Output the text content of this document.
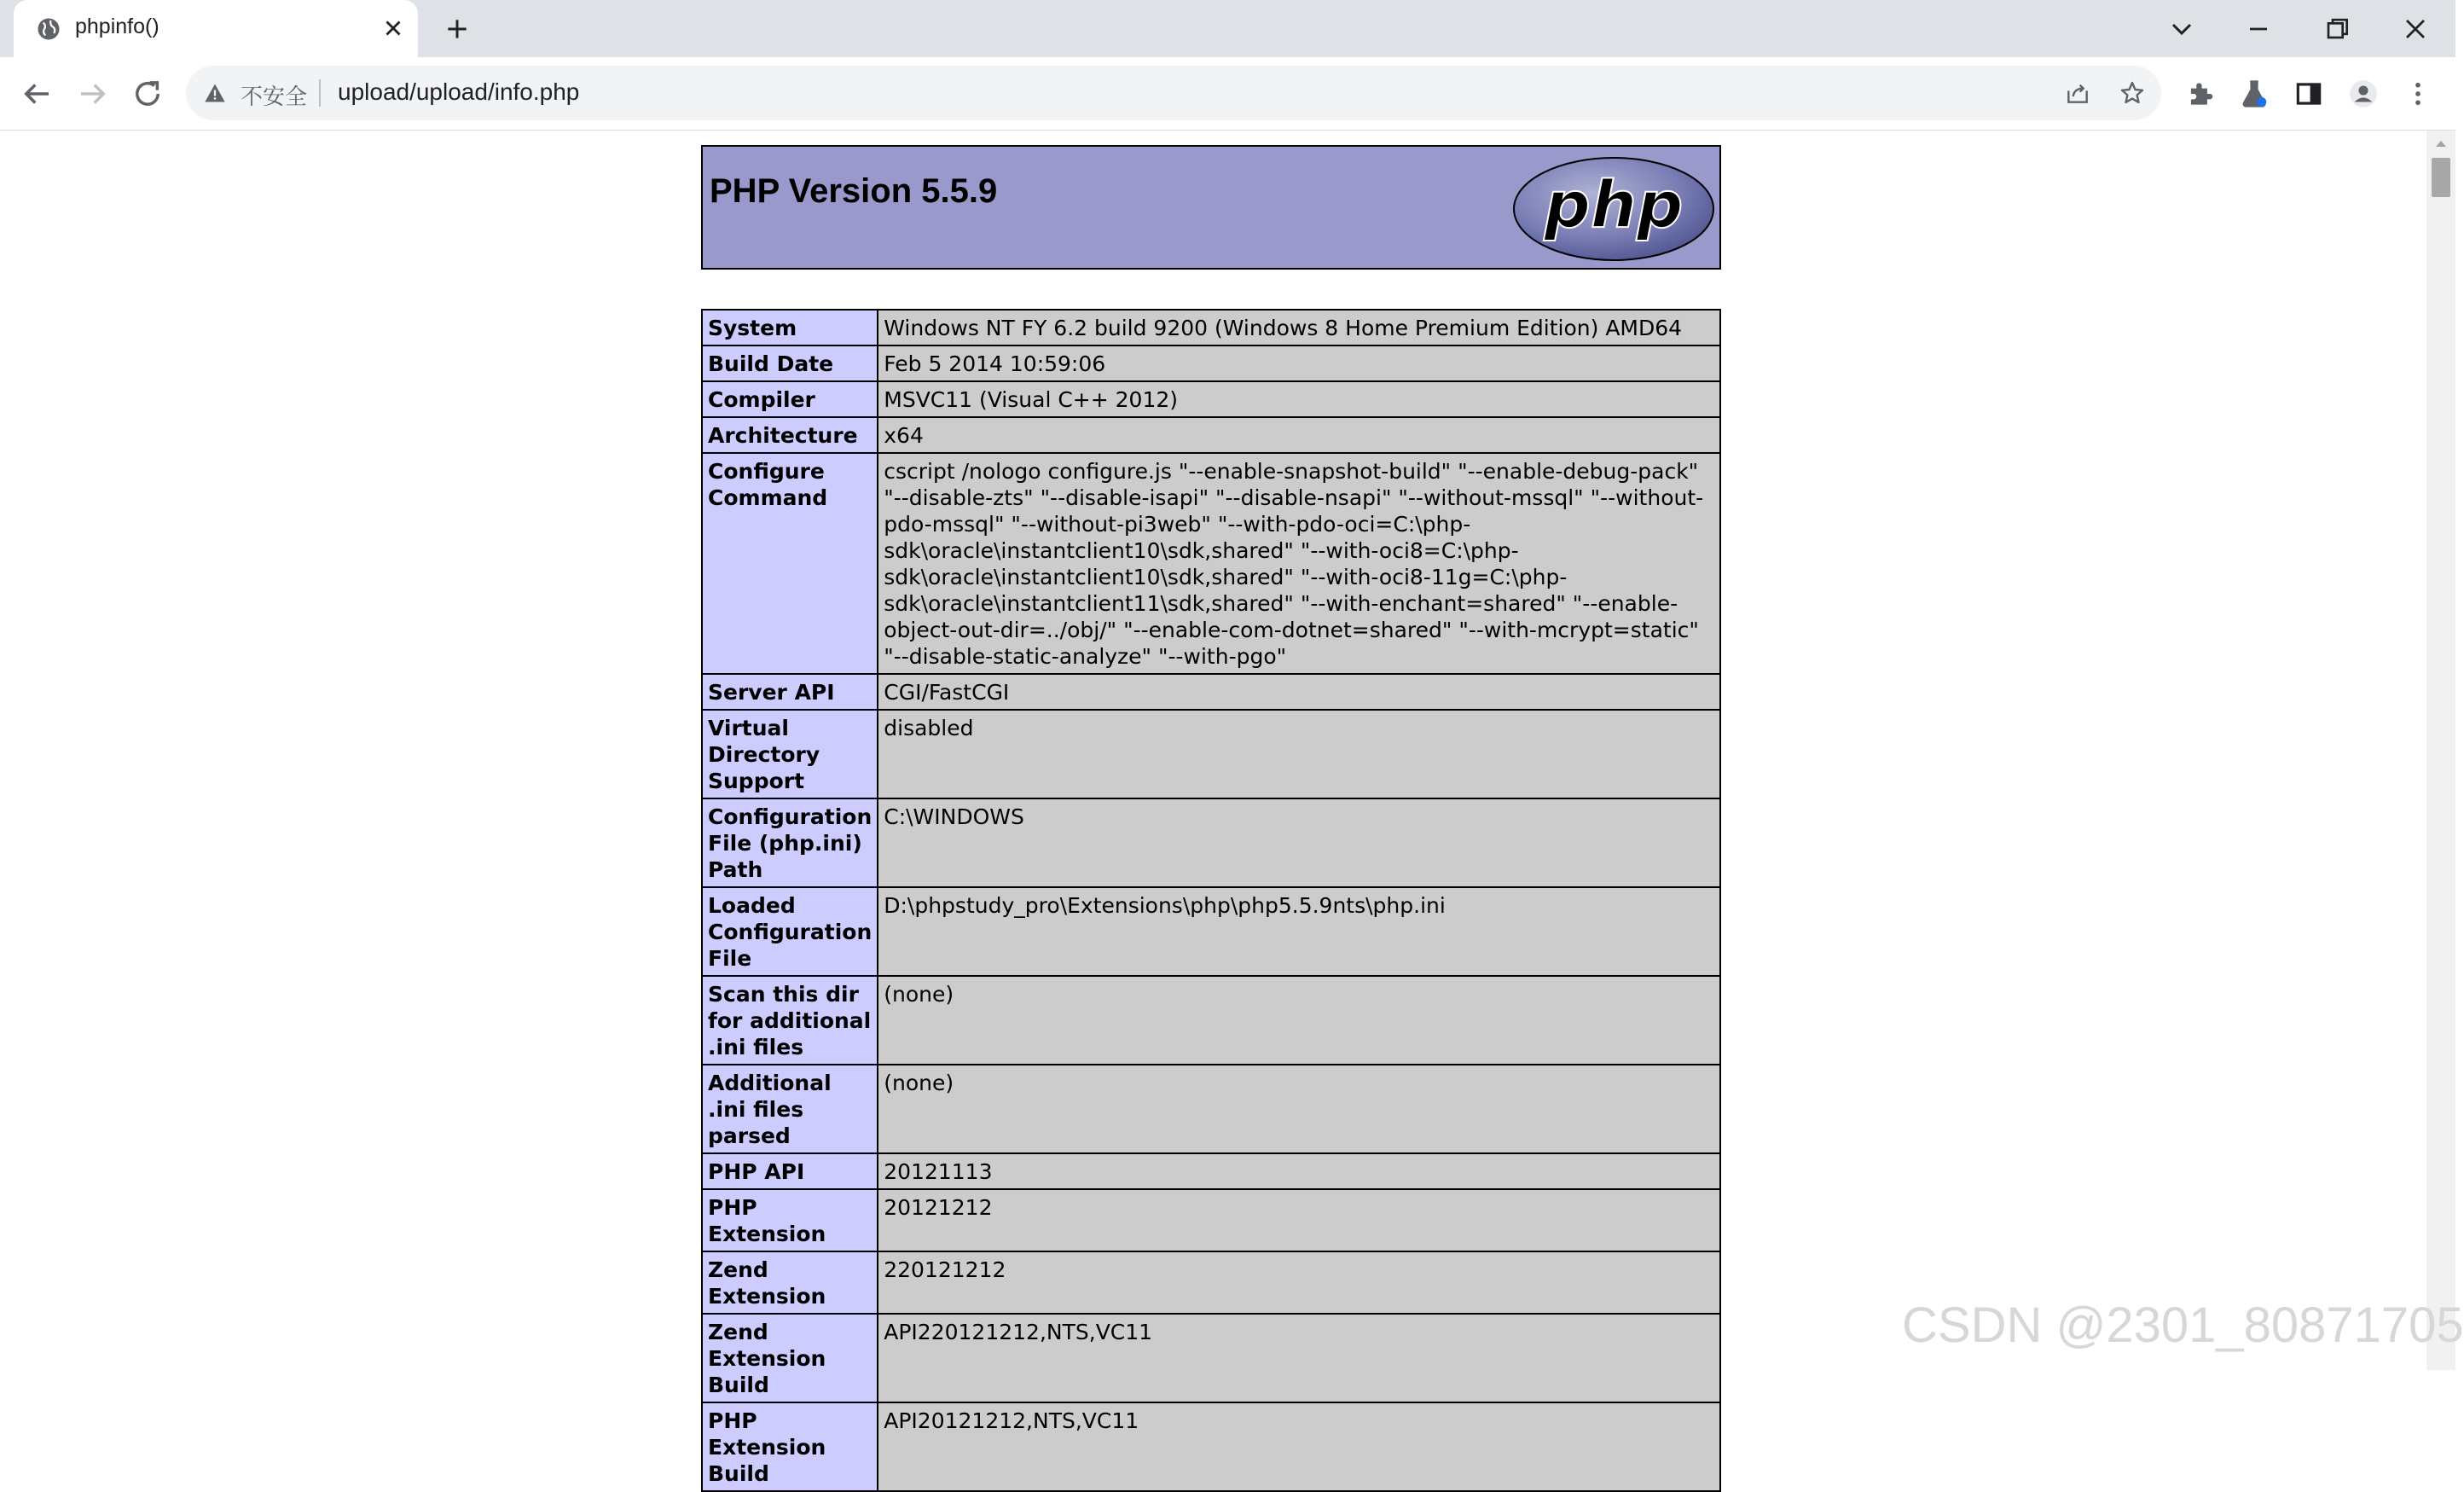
phpinfo()
不安全 upload/upload/info.php
PHP Version 5.5.9	php
System	Windows NT FY 6.2 build 9200 (Windows 8 Home Premium Edition) AMD64
Build Date	Feb 5 2014 10:59:06
Compiler	MSVC11 (Visual C++ 2012)
Architecture	x64
Configure Command	cscript /nologo configure.js "--enable-snapshot-build" "--enable-debug-pack" "--disable-zts" "--disable-isapi" "--disable-nsapi" "--without-mssql" "--without-pdo-mssql" "--without-pi3web" "--with-pdo-oci=C:\php-sdk\oracle\instantclient10\sdk,shared" "--with-oci8=C:\php-sdk\oracle\instantclient10\sdk,shared" "--with-oci8-11g=C:\php-sdk\oracle\instantclient11\sdk,shared" "--with-enchant=shared" "--enable-object-out-dir=../obj/" "--enable-com-dotnet=shared" "--with-mcrypt=static" "--disable-static-analyze" "--with-pgo"
Server API	CGI/FastCGI
Virtual Directory Support	disabled
Configuration File (php.ini) Path	C:\WINDOWS
Loaded Configuration File	D:\phpstudy_pro\Extensions\php\php5.5.9nts\php.ini
Scan this dir for additional .ini files	(none)
Additional .ini files parsed	(none)
PHP API	20121113
PHP Extension	20121212
Zend Extension	220121212
Zend Extension Build	API220121212,NTS,VC11
PHP Extension Build	API20121212,NTS,VC11
CSDN @2301_80871705
